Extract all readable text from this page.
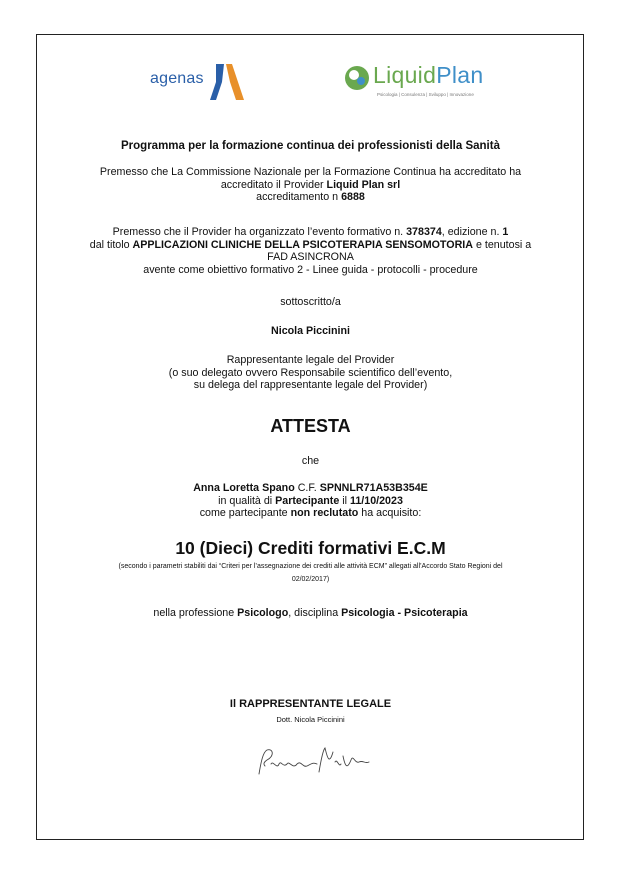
agenas	LiquidPlan
Psicologia | Consulenza | Sviluppo | Innovazione
Programma per la formazione continua dei professionisti della Sanità
Premesso che La Commissione Nazionale per la Formazione Continua ha accreditato ha
accreditato il Provider Liquid Plan srl
accreditamento n 6888
Premesso che il Provider ha organizzato l’evento formativo n. 378374, edizione n. 1
dal titolo APPLICAZIONI CLINICHE DELLA PSICOTERAPIA SENSOMOTORIA e tenutosi a
FAD ASINCRONA
avente come obiettivo formativo 2 - Linee guida - protocolli - procedure
sottoscritto/a
Nicola Piccinini
Rappresentante legale del Provider
(o suo delegato ovvero Responsabile scientifico dell’evento,
su delega del rappresentante legale del Provider)
ATTESTA
che
Anna Loretta Spano C.F. SPNNLR71A53B354E
in qualità di Partecipante il 11/10/2023
come partecipante non reclutato ha acquisito:
10 (Dieci) Crediti formativi E.C.M
(secondo i parametri stabiliti dai “Criteri per l’assegnazione dei crediti alle attività ECM” allegati all’Accordo Stato Regioni del
02/02/2017)
nella professione Psicologo, disciplina Psicologia - Psicoterapia
Il RAPPRESENTANTE LEGALE
Dott. Nicola Piccinini
